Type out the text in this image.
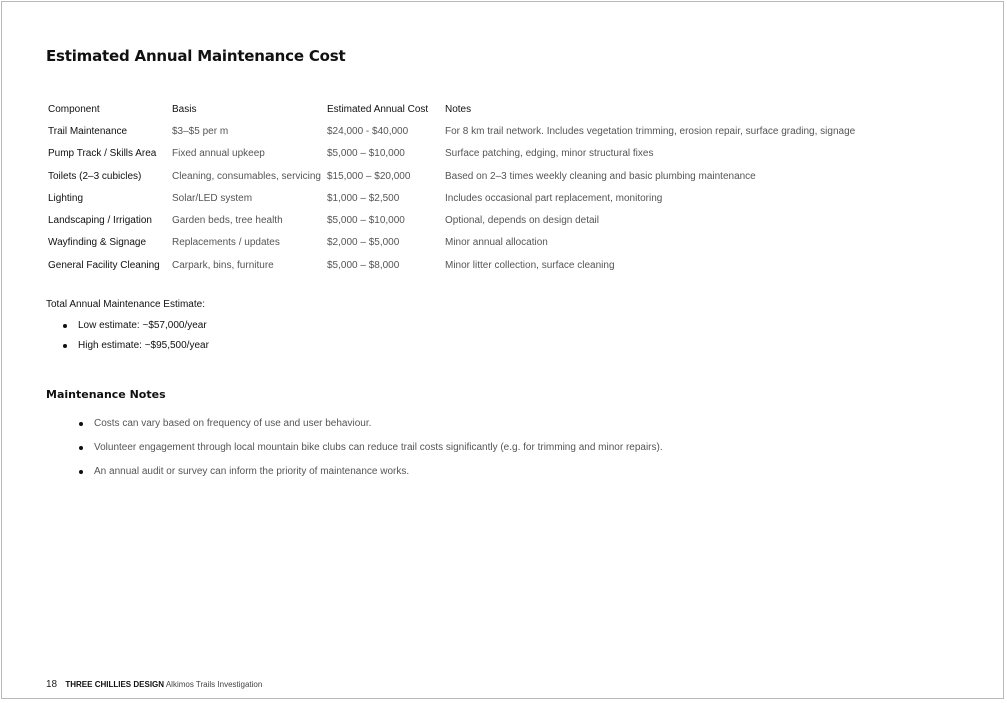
Estimated Annual Maintenance Cost
Component	Basis	Estimated Annual Cost	Notes
Trail Maintenance	$3–$5 per m	$24,000 - $40,000	For 8 km trail network. Includes vegetation trimming, erosion repair, surface grading, signage
Pump Track / Skills Area	Fixed annual upkeep	$5,000 – $10,000	Surface patching, edging, minor structural fixes
Toilets (2–3 cubicles)	Cleaning, consumables, servicing	$15,000 – $20,000	Based on 2–3 times weekly cleaning and basic plumbing maintenance
Lighting	Solar/LED system	$1,000 – $2,500	Includes occasional part replacement, monitoring
Landscaping / Irrigation	Garden beds, tree health	$5,000 – $10,000	Optional, depends on design detail
Wayfinding & Signage	Replacements / updates	$2,000 – $5,000	Minor annual allocation
General Facility Cleaning	Carpark, bins, furniture	$5,000 – $8,000	Minor litter collection, surface cleaning
Total Annual Maintenance Estimate:
Low estimate: ~$57,000/year
High estimate: ~$95,500/year
Maintenance Notes
Costs can vary based on frequency of use and user behaviour.
Volunteer engagement through local mountain bike clubs can reduce trail costs significantly (e.g. for trimming and minor repairs).
An annual audit or survey can inform the priority of maintenance works.
18 THREE CHILLIES DESIGN Alkimos Trails Investigation
